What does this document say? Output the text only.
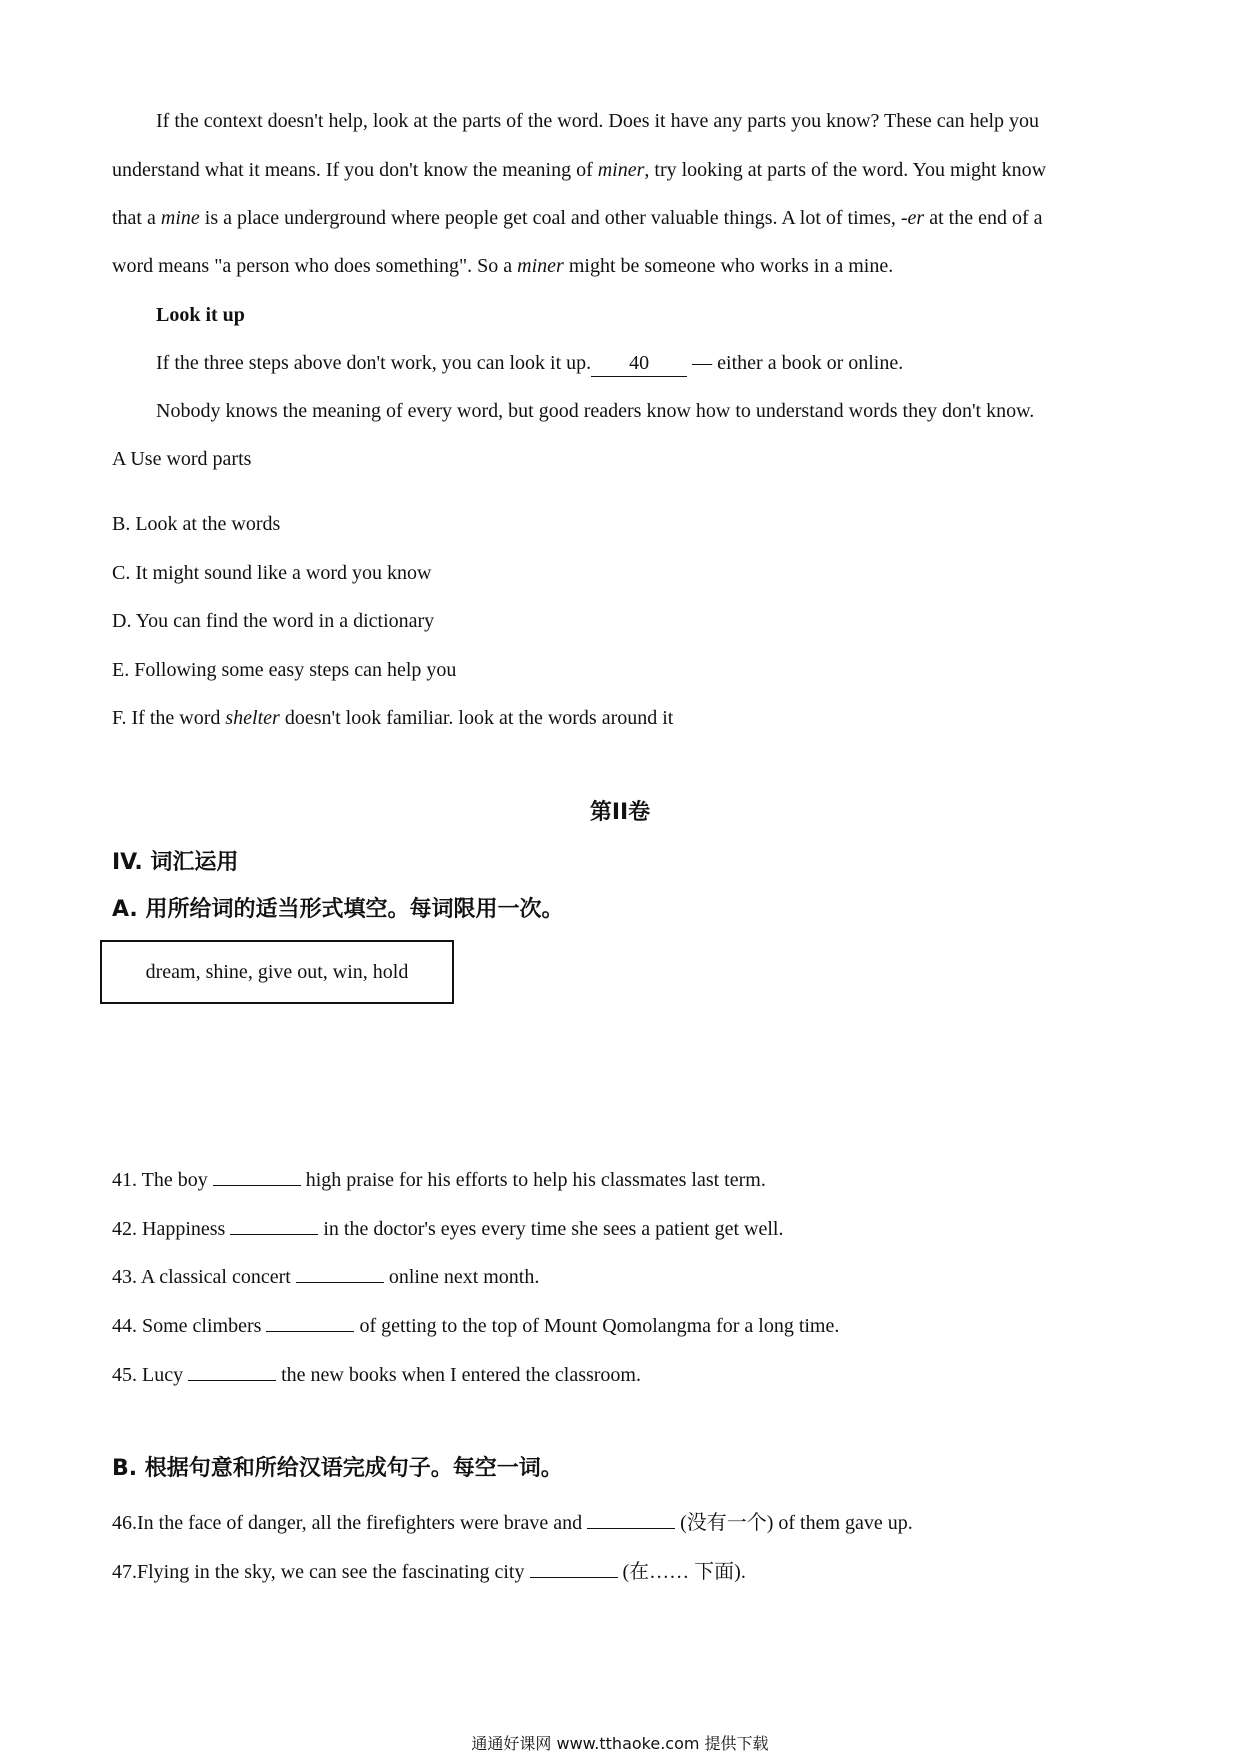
If the context doesn't help, look at the parts of the word. Does it have any parts you know? These can help you
understand what it means. If you don't know the meaning of miner, try looking at parts of the word. You might know
that a mine is a place underground where people get coal and other valuable things. A lot of times, -er at the end of a
word means "a person who does something". So a miner might be someone who works in a mine.
Look it up
If the three steps above don't work, you can look it up. 40 — either a book or online.
Nobody knows the meaning of every word, but good readers know how to understand words they don't know.
A Use word parts
B. Look at the words
C. It might sound like a word you know
D. You can find the word in a dictionary
E. Following some easy steps can help you
F. If the word shelter doesn't look familiar. look at the words around it
第II卷
IV. 词汇运用
A. 用所给词的适当形式填空。每词限用一次。
dream, shine, give out, win, hold
41. The boy	high praise for his efforts to help his classmates last term.
42. Happiness	in the doctor's eyes every time she sees a patient get well.
43. A classical concert	online next month.
44. Some climbers	of getting to the top of Mount Qomolangma for a long time.
45. Lucy	the new books when I entered the classroom.
B. 根据句意和所给汉语完成句子。每空一词。
46.In the face of danger, all the firefighters were brave and	(没有一个) of them gave up.
47.Flying in the sky, we can see the fascinating city	(在…… 下面).
通通好课网 www.tthaoke.com 提供下载
